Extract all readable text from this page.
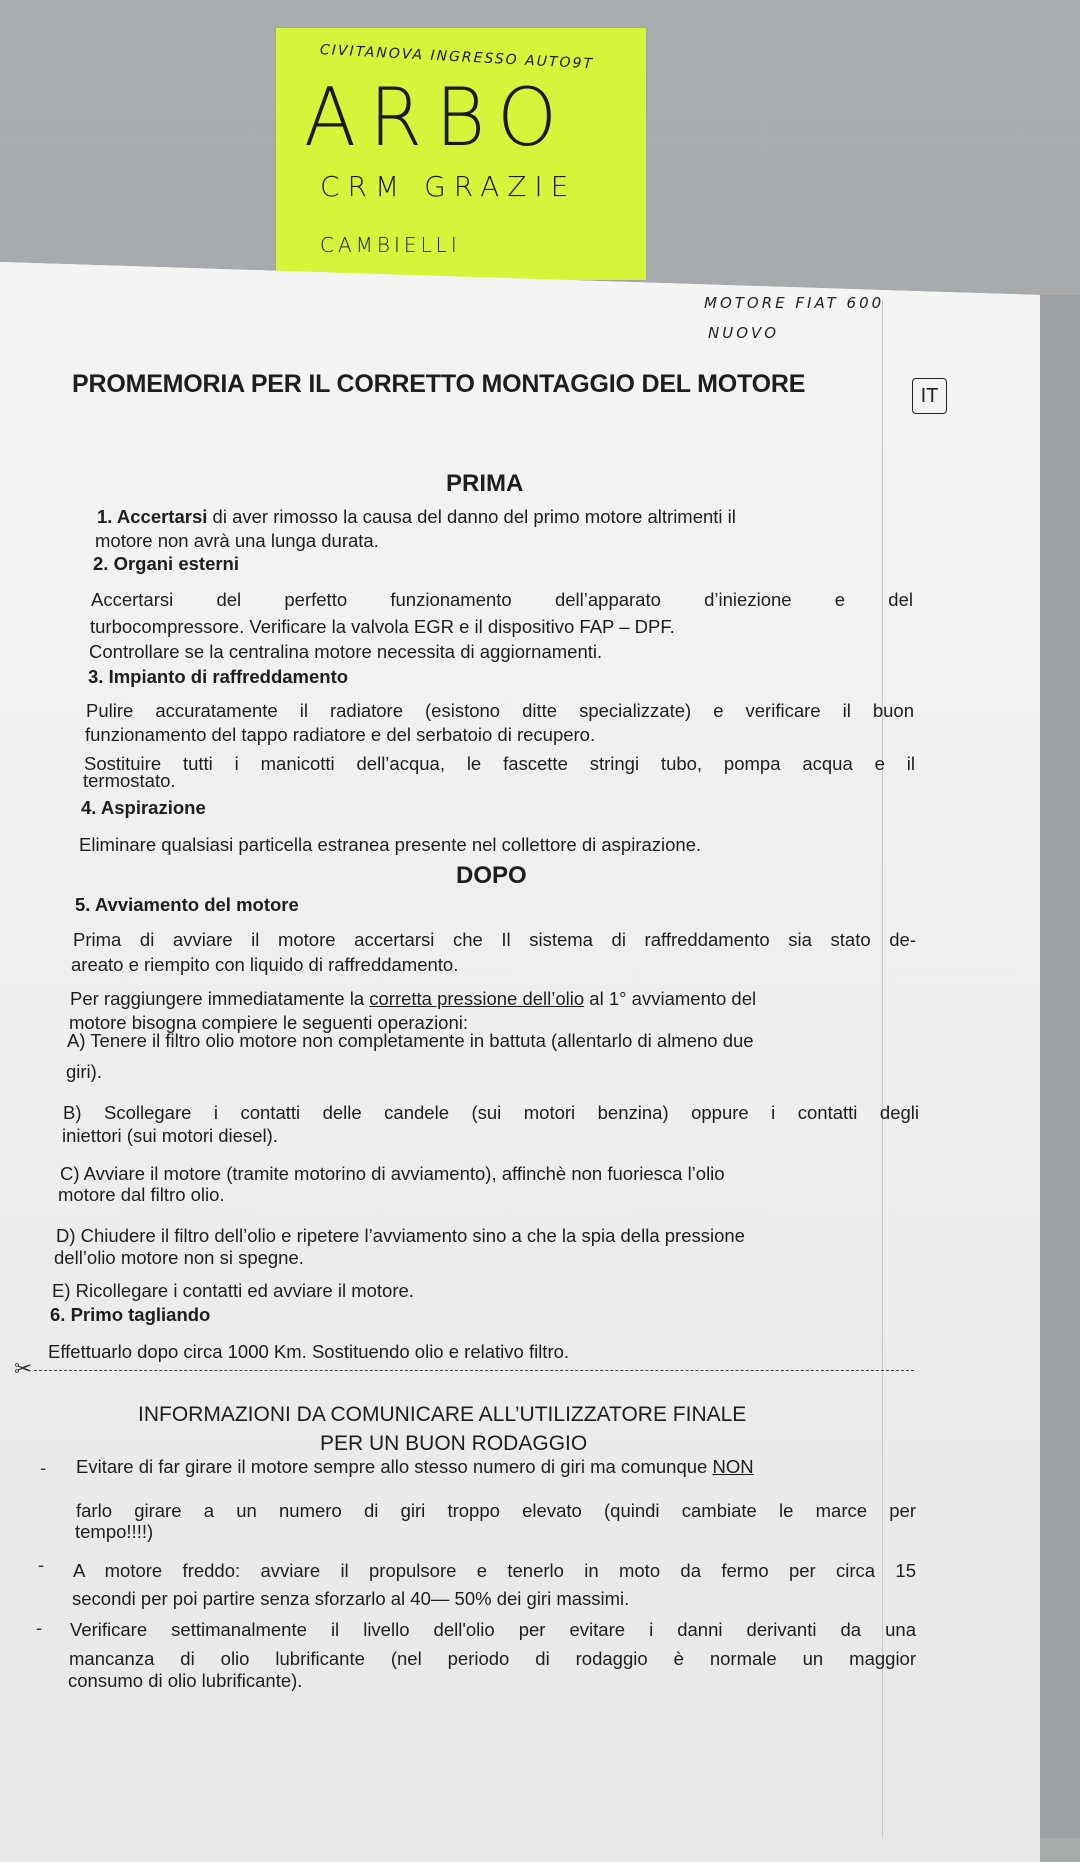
CIVITANOVA INGRESSO AUTO9T
ARBO
CRM GRAZIE
CAMBIELLI
MOTORE FIAT 600
NUOVO
PROMEMORIA PER IL CORRETTO MONTAGGIO DEL MOTORE	IT
PRIMA
1. Accertarsi di aver rimosso la causa del danno del primo motore altrimenti il
motore non avrà una lunga durata.
2. Organi esterni
Accertarsi del perfetto funzionamento dell’apparato d’iniezione e del
turbocompressore. Verificare la valvola EGR e il dispositivo FAP – DPF.
Controllare se la centralina motore necessita di aggiornamenti.
3. Impianto di raffreddamento
Pulire accuratamente il radiatore (esistono ditte specializzate) e verificare il buon
funzionamento del tappo radiatore e del serbatoio di recupero.
Sostituire tutti i manicotti dell’acqua, le fascette stringi tubo, pompa acqua e il
termostato.
4. Aspirazione
Eliminare qualsiasi particella estranea presente nel collettore di aspirazione.
DOPO
5. Avviamento del motore
Prima di avviare il motore accertarsi che Il sistema di raffreddamento sia stato de-
areato e riempito con liquido di raffreddamento.
Per raggiungere immediatamente la corretta pressione dell’olio al 1° avviamento del
motore bisogna compiere le seguenti operazioni:
A) Tenere il filtro olio motore non completamente in battuta (allentarlo di almeno due
giri).
B) Scollegare i contatti delle candele (sui motori benzina) oppure i contatti degli
iniettori (sui motori diesel).
C) Avviare il motore (tramite motorino di avviamento), affinchè non fuoriesca l’olio
motore dal filtro olio.
D) Chiudere il filtro dell’olio e ripetere l’avviamento sino a che la spia della pressione
dell’olio motore non si spegne.
E) Ricollegare i contatti ed avviare il motore.
6. Primo tagliando
Effettuarlo dopo circa 1000 Km. Sostituendo olio e relativo filtro.
✂
INFORMAZIONI DA COMUNICARE ALL’UTILIZZATORE FINALE
PER UN BUON RODAGGIO
- Evitare di far girare il motore sempre allo stesso numero di giri ma comunque NON
farlo girare a un numero di giri troppo elevato (quindi cambiate le marce per
tempo!!!!)
- A motore freddo: avviare il propulsore e tenerlo in moto da fermo per circa 15
secondi per poi partire senza sforzarlo al 40— 50% dei giri massimi.
- Verificare settimanalmente il livello dell'olio per evitare i danni derivanti da una
mancanza di olio lubrificante (nel periodo di rodaggio è normale un maggior
consumo di olio lubrificante).
